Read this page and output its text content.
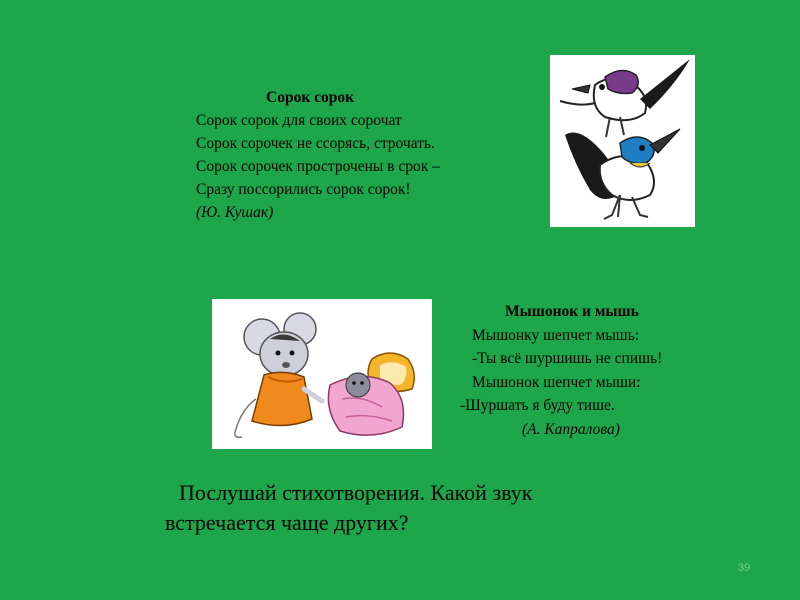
Сорок сорок
Сорок сорок для своих сорочат
Сорок сорочек не ссорясь, строчать.
Сорок сорочек прострочены в срок –
Сразу поссорились сорок сорок!
(Ю. Кушак)
Мышонок и мышь
Мышонку шепчет мышь:
-Ты всё шуршишь не спишь!
Мышонок шепчет мыши:
-Шуршать я буду тише.
(А. Капралова)
Послушай стихотворения. Какой звук
встречается чаще других?
39
